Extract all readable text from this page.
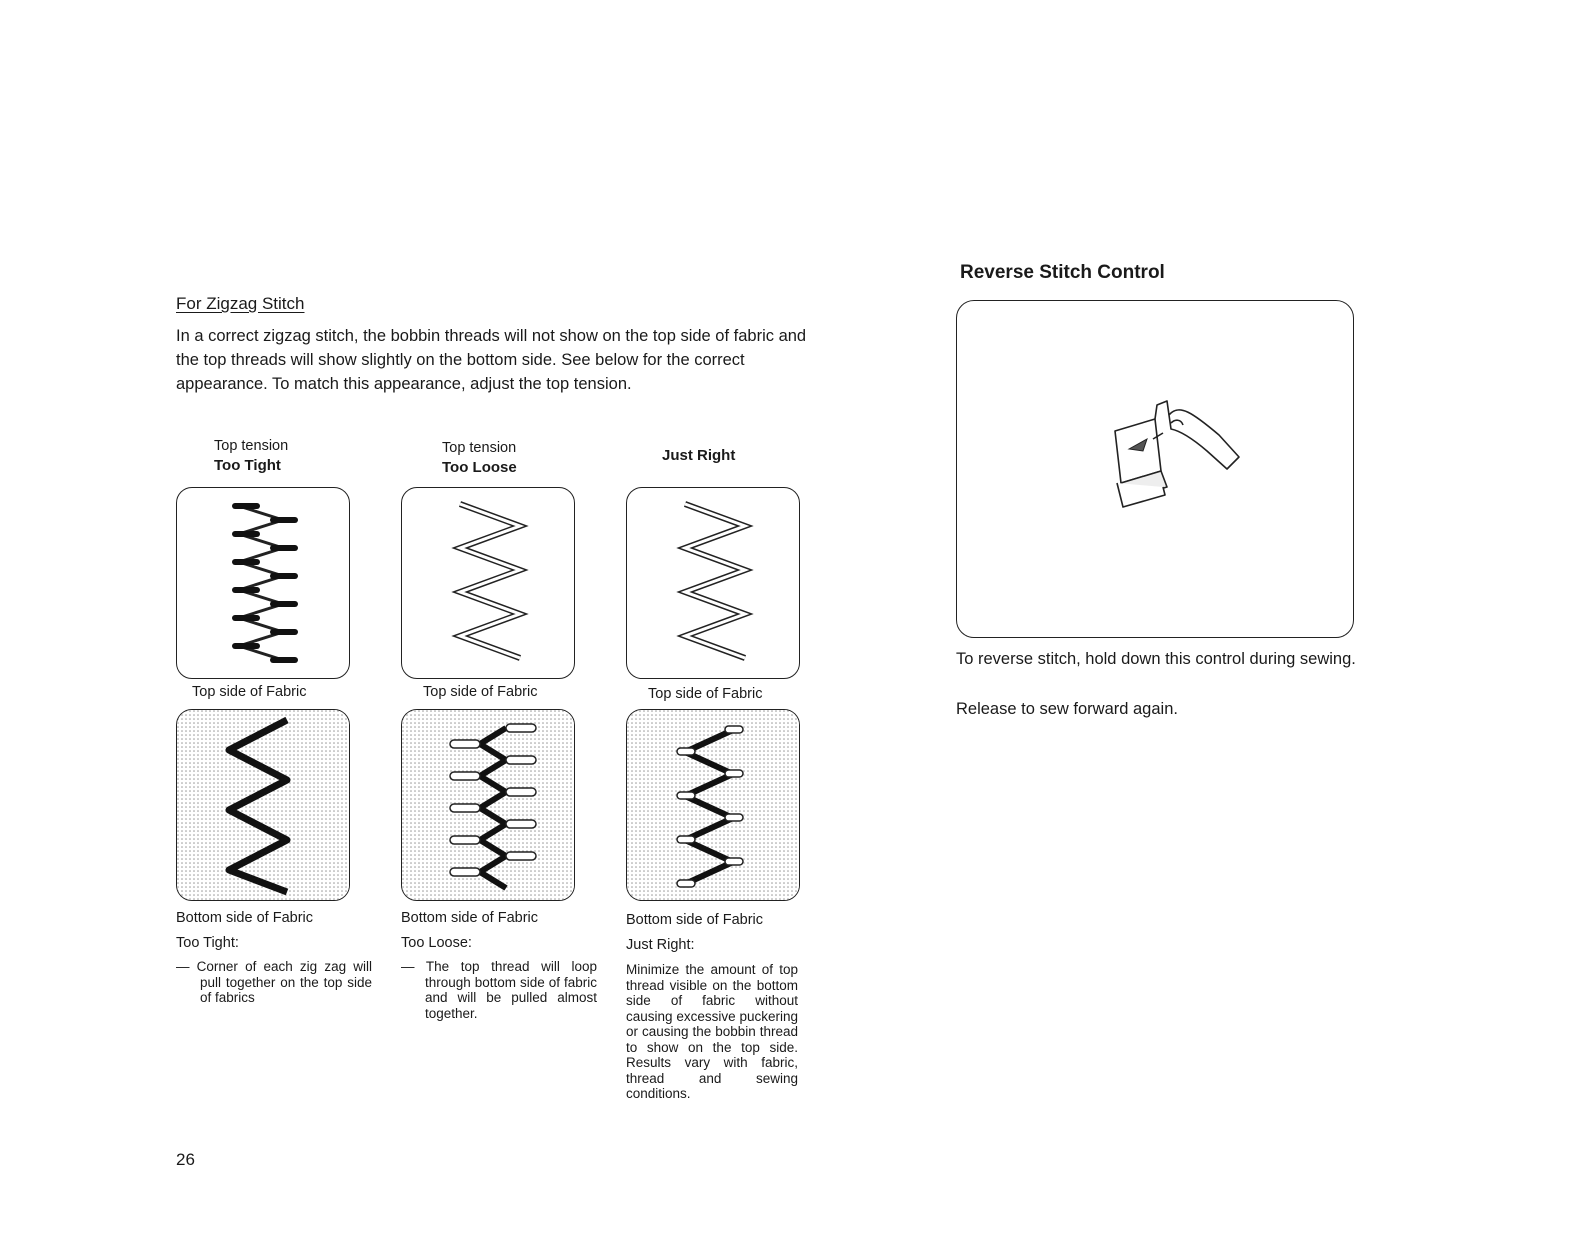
For Zigzag Stitch
In a correct zigzag stitch, the bobbin threads will not show on the top side of fabric and the top threads will show slightly on the bottom side. See below for the correct appearance. To match this appearance, adjust the top tension.
Top tension
Too Tight
Top side of Fabric
Bottom side of Fabric
Too Tight:
— Corner of each zig zag will pull together on the top side of fabrics
Top tension
Too Loose
Top side of Fabric
Bottom side of Fabric
Too Loose:
— The top thread will loop through bottom side of fabric and will be pulled almost together.
Just Right
Top side of Fabric
Bottom side of Fabric
Just Right:
Minimize the amount of top thread visible on the bottom side of fabric without causing excessive puckering or causing the bobbin thread to show on the top side. Results vary with fabric, thread and sewing conditions.
26
Reverse Stitch Control
To reverse stitch, hold down this control during sewing.
Release to sew forward again.
